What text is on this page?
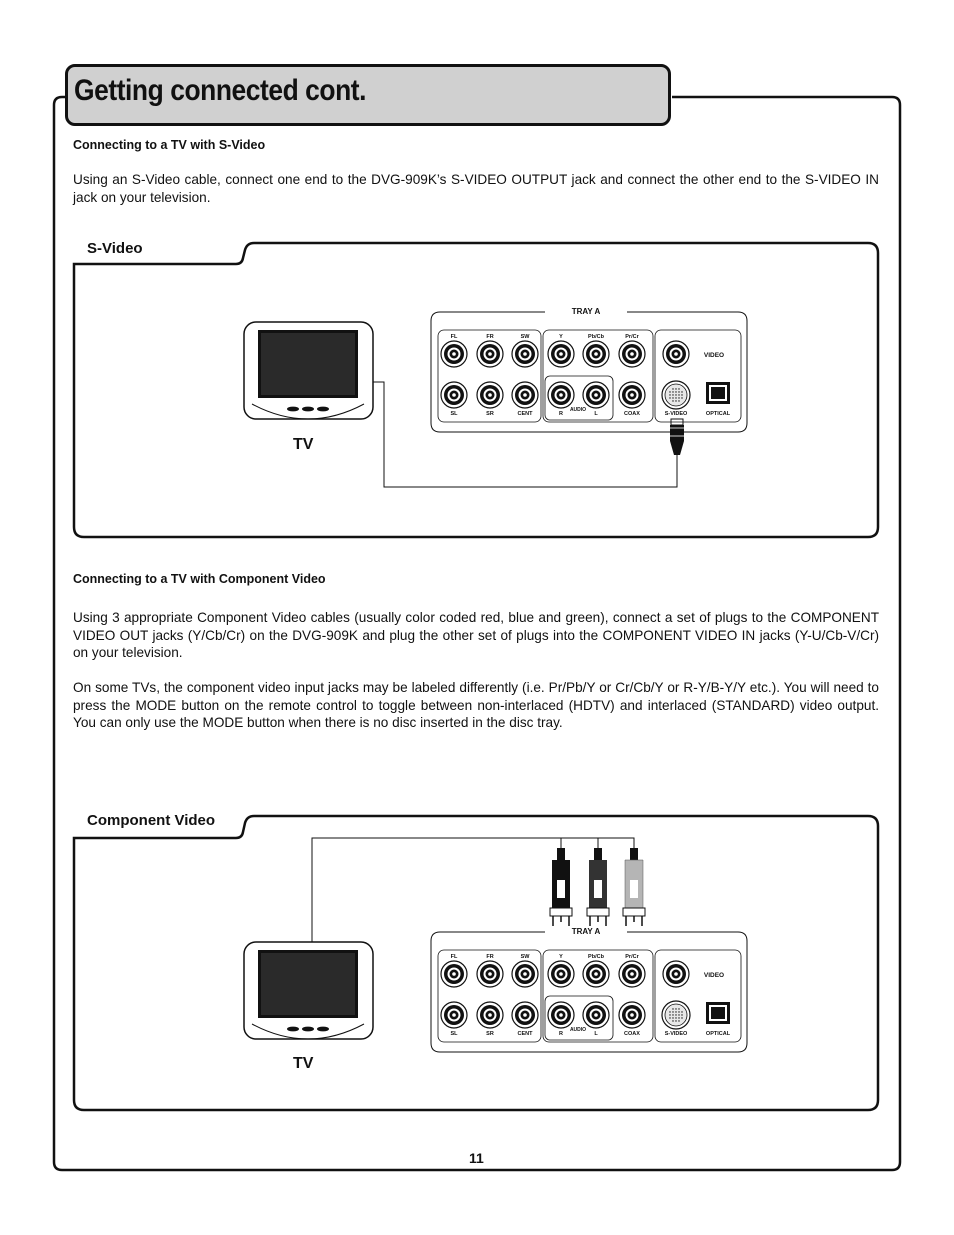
Getting connected cont.
Connecting to a TV with S-Video
Using an S-Video cable, connect one end to the DVG-909K’s S-VIDEO OUTPUT jack and connect the other end to the S-VIDEO IN jack on your television.
S-Video
Connecting to a TV with Component Video
Using 3 appropriate Component Video cables (usually color coded red, blue and green), connect a set of plugs to the COMPONENT VIDEO OUT jacks (Y/Cb/Cr) on the DVG-909K and plug the other set of plugs into the COMPONENT VIDEO IN jacks (Y-U/Cb-V/Cr) on your television.
On some TVs, the component video input jacks may be labeled differently (i.e. Pr/Pb/Y or Cr/Cb/Y or R-Y/B-Y/Y etc.). You will need to press the MODE button on the remote control to toggle between non-interlaced (HDTV) and interlaced (STANDARD) video output. You can only use the MODE button when there is no disc inserted in the disc tray.
Component Video
TV
TRAY A
FL	FR	SW	Y	Pb/Cb	Pr/Cr
SL	SR	CENT	R	L	COAX	S-VIDEO	OPTICAL
AUDIO
VIDEO
TV
TRAY A
FL	FR	SW	Y	Pb/Cb	Pr/Cr
SL	SR	CENT	R	L	COAX	S-VIDEO	OPTICAL
AUDIO
VIDEO
11
